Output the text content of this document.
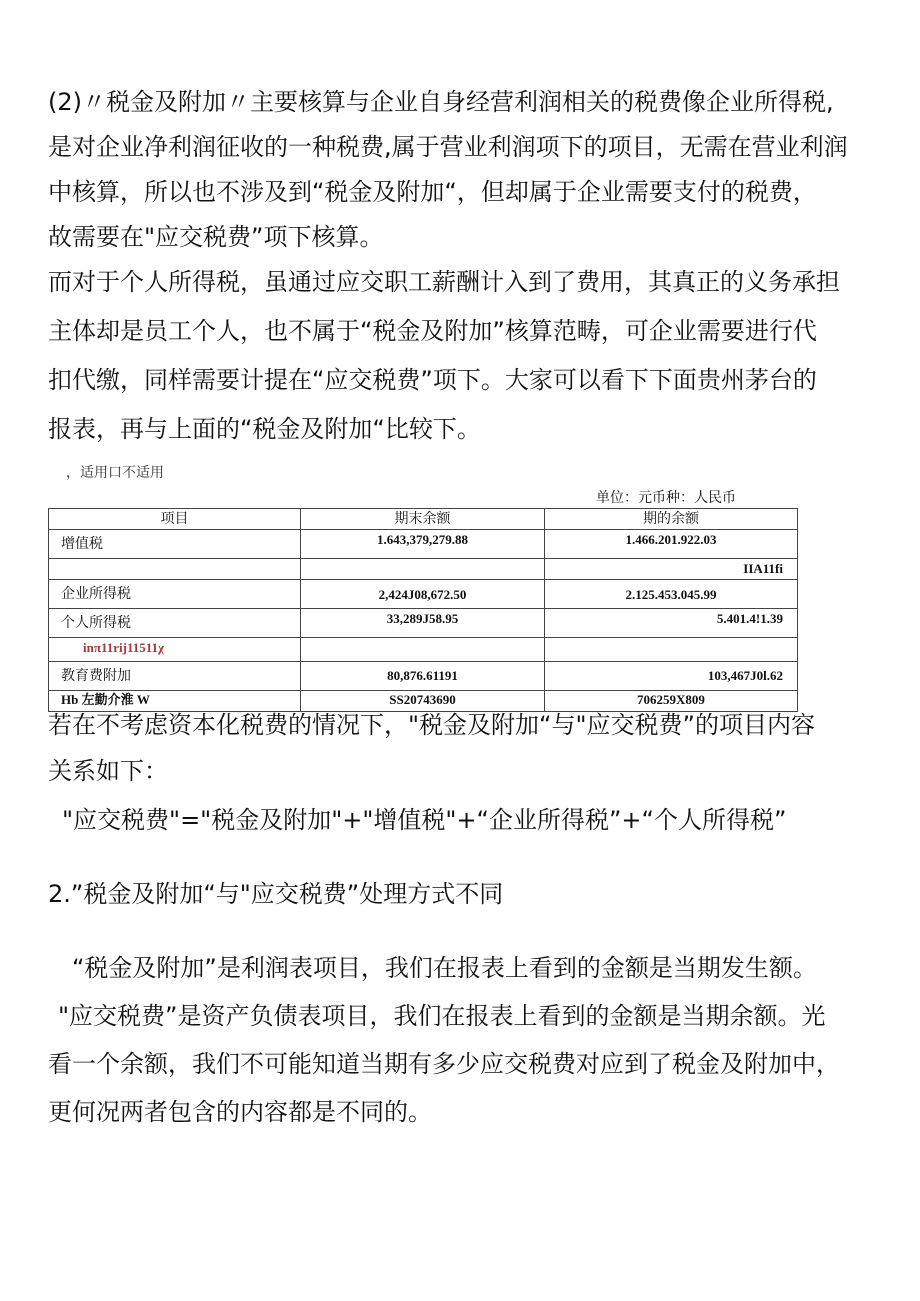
(2)〃税金及附加〃主要核算与企业自身经营利润相关的税费像企业所得税,
是对企业净利润征收的一种税费,属于营业利润项下的项目，无需在营业利润
中核算，所以也不涉及到“税金及附加“，但却属于企业需要支付的税费，
故需要在"应交税费”项下核算。
而对于个人所得税，虽通过应交职工薪酬计入到了费用，其真正的义务承担
主体却是员工个人，也不属于“税金及附加”核算范畴，可企业需要进行代
扣代缴，同样需要计提在“应交税费”项下。大家可以看下下面贵州茅台的
报表，再与上面的“税金及附加“比较下。
，适用口不适用
单位：元币种：人民币
项目	期末余额	期的余额
增值税	1.643,379,279.88	1.466.201.922.03
		IIA11fi
企业所得税	2,424J08,672.50	2.125.453.045.99
个人所得税	33,289J58.95	5.401.4!1.39
inπ11rij11511χ		
教育费附加	80,876.61191	103,467J0l.62
Hb 左勤介淮 W	SS20743690	706259X809
若在不考虑资本化税费的情况下，"税金及附加“与"应交税费”的项目内容
关系如下：
"应交税费"="税金及附加"+"增值税"+“企业所得税”+“个人所得税”
2.”税金及附加“与"应交税费”处理方式不同
“税金及附加”是利润表项目，我们在报表上看到的金额是当期发生额。
"应交税费”是资产负债表项目，我们在报表上看到的金额是当期余额。光
看一个余额，我们不可能知道当期有多少应交税费对应到了税金及附加中，
更何况两者包含的内容都是不同的。
